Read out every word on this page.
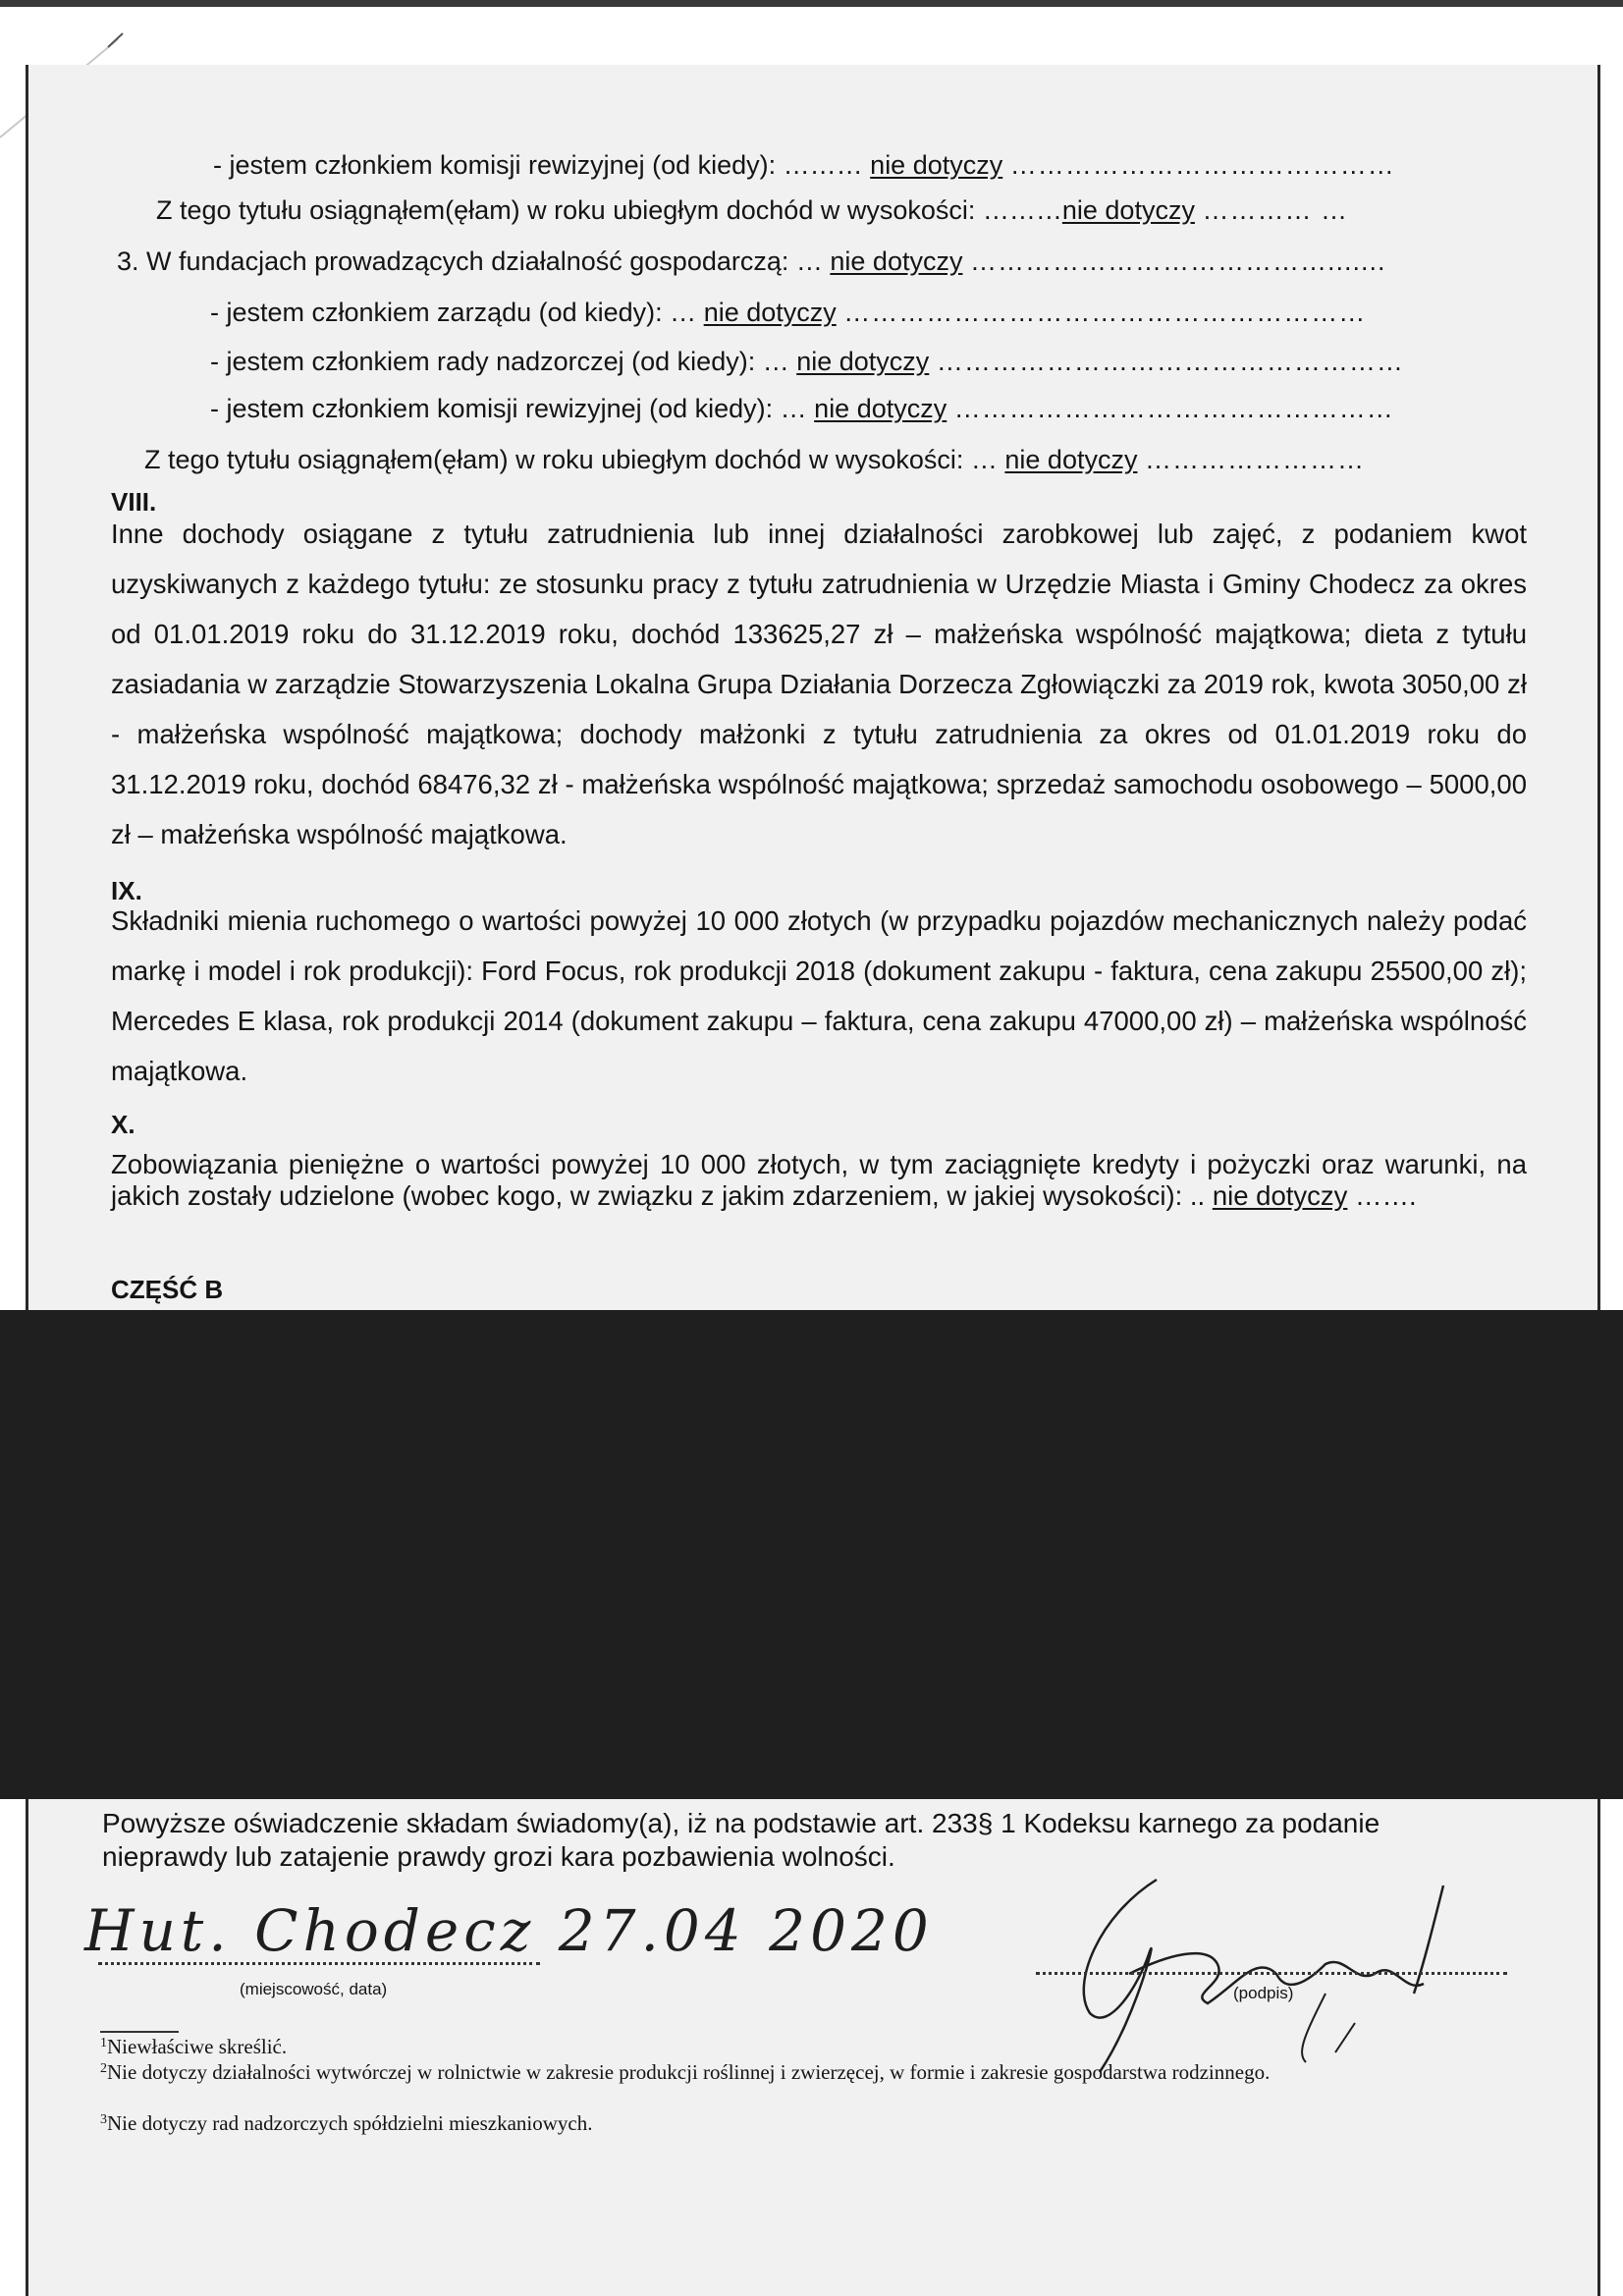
- jestem członkiem komisji rewizyjnej (od kiedy): ……… nie dotyczy ……………………………………
Z tego tytułu osiągnąłem(ęłam) w roku ubiegłym dochód w wysokości: ………nie dotyczy ………… …
3. W fundacjach prowadzących działalność gospodarczą: … nie dotyczy ………………………………….......
- jestem członkiem zarządu (od kiedy): … nie dotyczy …………………………………………………
- jestem członkiem rady nadzorczej (od kiedy): … nie dotyczy ……………………………………………
- jestem członkiem komisji rewizyjnej (od kiedy): … nie dotyczy …………………………………………
Z tego tytułu osiągnąłem(ęłam) w roku ubiegłym dochód w wysokości: … nie dotyczy ……………………
VIII.
Inne dochody osiągane z tytułu zatrudnienia lub innej działalności zarobkowej lub zajęć, z podaniem kwot uzyskiwanych z każdego tytułu: ze stosunku pracy z tytułu zatrudnienia w Urzędzie Miasta i Gminy Chodecz za okres od 01.01.2019 roku do 31.12.2019 roku, dochód 133625,27 zł – małżeńska wspólność majątkowa; dieta z tytułu zasiadania w zarządzie Stowarzyszenia Lokalna Grupa Działania Dorzecza Zgłowiączki za 2019 rok, kwota 3050,00 zł - małżeńska wspólność majątkowa; dochody małżonki z tytułu zatrudnienia za okres od 01.01.2019 roku do 31.12.2019 roku, dochód 68476,32 zł - małżeńska wspólność majątkowa; sprzedaż samochodu osobowego – 5000,00 zł – małżeńska wspólność majątkowa.
IX.
Składniki mienia ruchomego o wartości powyżej 10 000 złotych (w przypadku pojazdów mechanicznych należy podać markę i model i rok produkcji): Ford Focus, rok produkcji 2018 (dokument zakupu - faktura, cena zakupu 25500,00 zł); Mercedes E klasa, rok produkcji 2014 (dokument zakupu – faktura, cena zakupu 47000,00 zł) – małżeńska wspólność majątkowa.
X.
Zobowiązania pieniężne o wartości powyżej 10 000 złotych, w tym zaciągnięte kredyty i pożyczki oraz warunki, na jakich zostały udzielone (wobec kogo, w związku z jakim zdarzeniem, w jakiej wysokości): .. nie dotyczy …….
CZĘŚĆ B
Powyższe oświadczenie składam świadomy(a), iż na podstawie art. 233§ 1 Kodeksu karnego za podanie nieprawdy lub zatajenie prawdy grozi kara pozbawienia wolności.
Hut. Chodecz 27.04 2020
(miejscowość, data)	(podpis)
$^1$Niewłaściwe skreślić.
$^2$Nie dotyczy działalności wytwórczej w rolnictwie w zakresie produkcji roślinnej i zwierzęcej, w formie i zakresie gospodarstwa rodzinnego.
$^3$Nie dotyczy rad nadzorczych spółdzielni mieszkaniowych.
